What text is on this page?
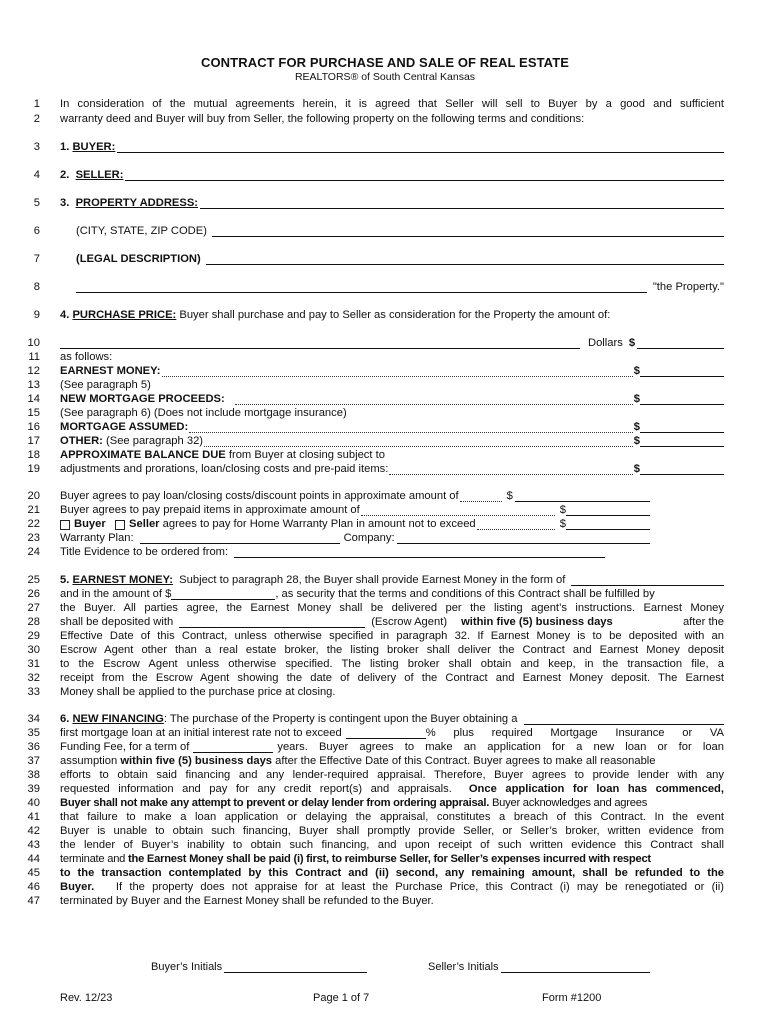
CONTRACT FOR PURCHASE AND SALE OF REAL ESTATE
REALTORS® of South Central Kansas
1
2
3
4
5
6
7
8
9
10
11
12
13
14
15
16
17
18
19
20
21
22
23
24
25
26
27
28
29
30
31
32
33
34
35
36
37
38
39
40
41
42
43
44
45
46
47
In consideration of the mutual agreements herein, it is agreed that Seller will sell to Buyer by a good and sufficient
warranty deed and Buyer will buy from Seller, the following property on the following terms and conditions:
1.
BUYER:
2.
SELLER:
3.
PROPERTY ADDRESS:
(CITY, STATE, ZIP CODE)
(LEGAL DESCRIPTION)
"the Property."
4. PURCHASE PRICE: Buyer shall purchase and pay to Seller as consideration for the Property the amount of:
Dollars $
as follows:
EARNEST MONEY:	$
(See paragraph 5)
NEW MORTGAGE PROCEEDS:	$
(See paragraph 6) (Does not include mortgage insurance)
MORTGAGE ASSUMED:	$
OTHER:
(See paragraph 32)	$
APPROXIMATE BALANCE DUE from Buyer at closing subject to
adjustments and prorations, loan/closing costs and pre-paid items:	$
Buyer agrees to pay loan/closing costs/discount points in approximate amount of	$
Buyer agrees to pay prepaid items in approximate amount of	$
Buyer
Seller
agrees to pay for Home Warranty Plan in amount not to exceed	$
Warranty Plan:	Company:
Title Evidence to be ordered from:
5.
EARNEST MONEY:
Subject to paragraph 28, the Buyer shall provide Earnest Money in the form of
and in the amount of $	, as security that the terms and conditions of this Contract shall be fulfilled by
the Buyer. All parties agree, the Earnest Money shall be delivered per the listing agent’s instructions. Earnest Money
shall be deposited with	(Escrow Agent) within five (5) business days	after the
Effective Date of this Contract, unless otherwise specified in paragraph 32. If Earnest Money is to be deposited with an
Escrow Agent other than a real estate broker, the listing broker shall deliver the Contract and Earnest Money deposit
to the Escrow Agent unless otherwise specified. The listing broker shall obtain and keep, in the transaction file, a
receipt from the Escrow Agent showing the date of delivery of the Contract and Earnest Money deposit. The Earnest
Money shall be applied to the purchase price at closing.
6.
NEW FINANCING : The purchase of the Property is contingent upon the Buyer obtaining a
first mortgage loan at an initial interest rate not to exceed	% plus required Mortgage Insurance or VA
Funding Fee, for a term of	years. Buyer agrees to make an application for a new loan or for loan
assumption within five (5) business days after the Effective Date of this Contract. Buyer agrees to make all reasonable
efforts to obtain said financing and any lender-required appraisal. Therefore, Buyer agrees to provide lender with any
requested information and pay for any credit report(s) and appraisals. Once application for loan has commenced,
Buyer shall not make any attempt to prevent or delay lender from ordering appraisal. Buyer acknowledges and agrees
that failure to make a loan application or delaying the appraisal, constitutes a breach of this Contract. In the event
Buyer is unable to obtain such financing, Buyer shall promptly provide Seller, or Seller’s broker, written evidence from
the lender of Buyer’s inability to obtain such financing, and upon receipt of such written evidence this Contract shall
terminate and the Earnest Money shall be paid (i) first, to reimburse Seller, for Seller’s expenses incurred with respect
to the transaction contemplated by this Contract and (ii) second, any remaining amount, shall be refunded to the
Buyer. If the property does not appraise for at least the Purchase Price, this Contract (i) may be renegotiated or (ii)
terminated by Buyer and the Earnest Money shall be refunded to the Buyer.
Buyer’s Initials	Seller’s Initials
Rev. 12/23	Page 1 of 7	Form #1200
